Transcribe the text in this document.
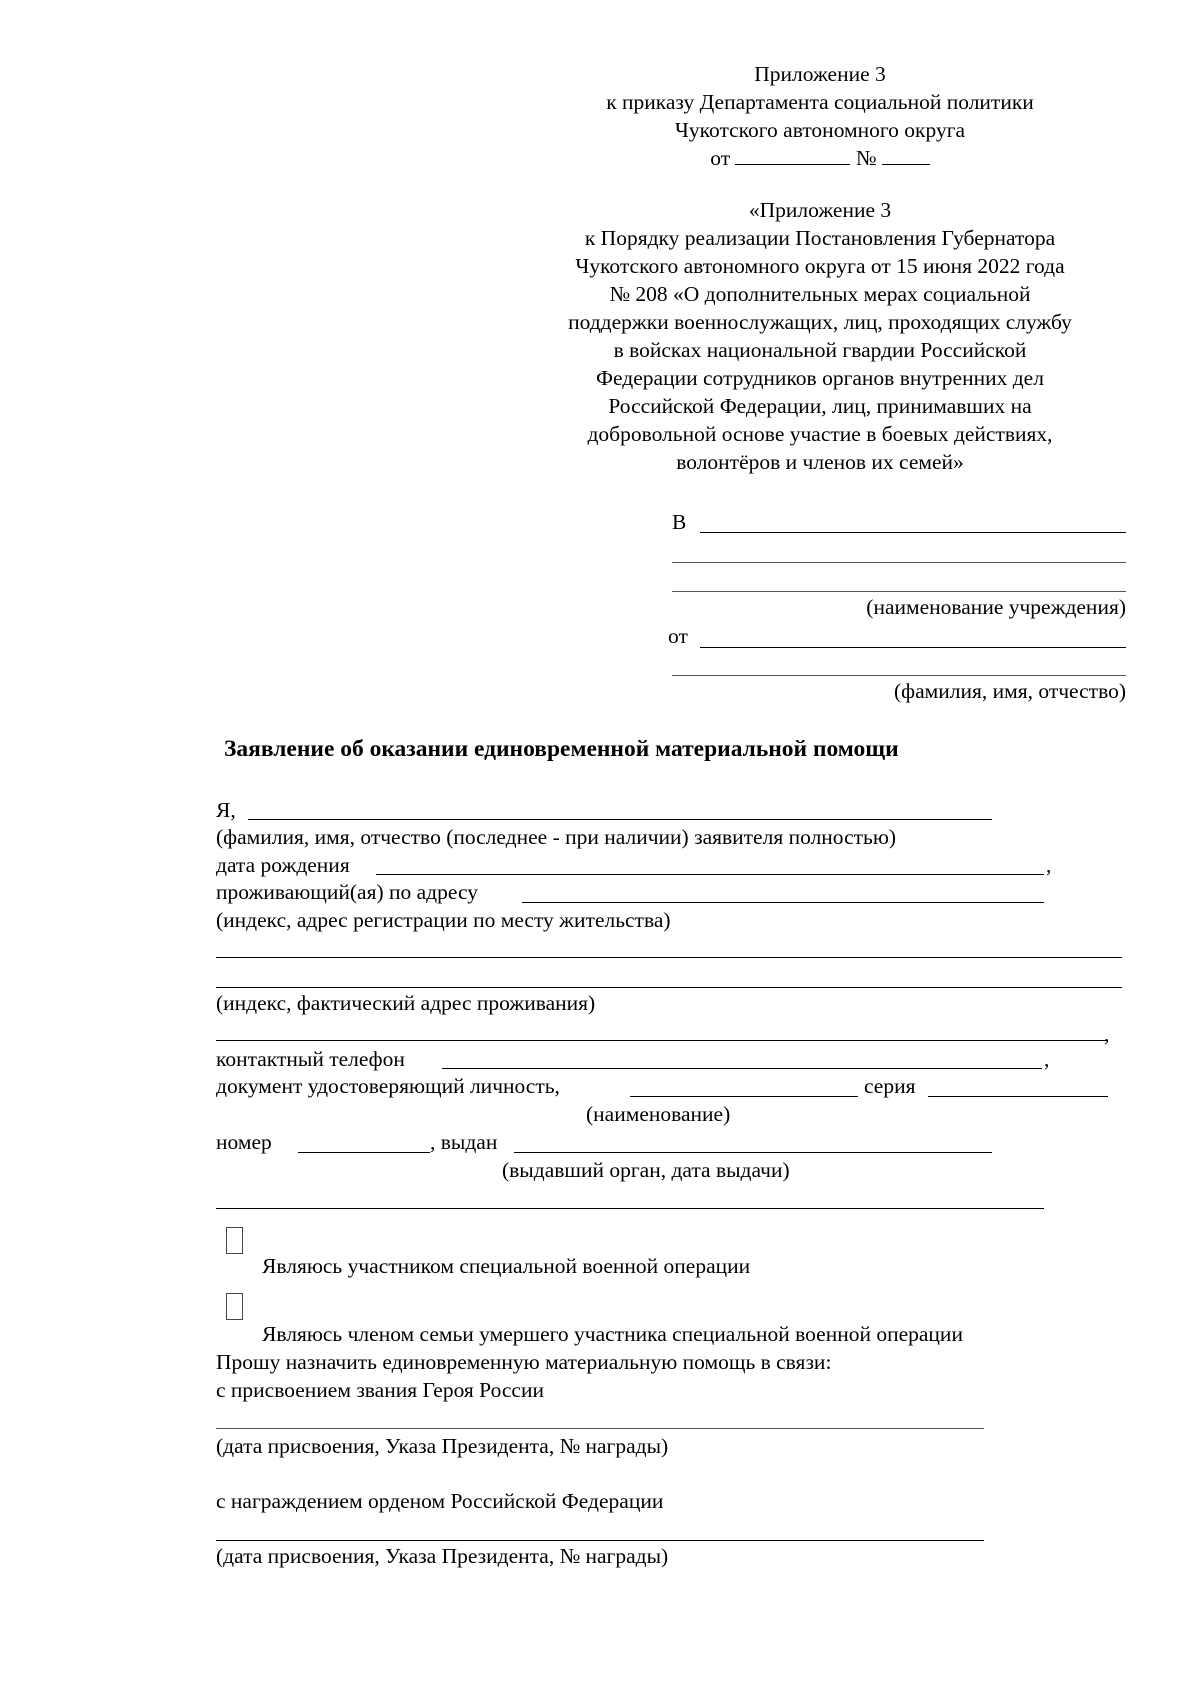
Приложение 3
к приказу Департамента социальной политики
Чукотского автономного округа
от	№
«Приложение 3
к Порядку реализации Постановления Губернатора
Чукотского автономного округа от 15 июня 2022 года
№ 208 «О дополнительных мерах социальной
поддержки военнослужащих, лиц, проходящих службу
в войсках национальной гвардии Российской
Федерации сотрудников органов внутренних дел
Российской Федерации, лиц, принимавших на
добровольной основе участие в боевых действиях,
волонтёров и членов их семей»
В
(наименование учреждения)
от
(фамилия, имя, отчество)
Заявление об оказании единовременной материальной помощи
Я,
(фамилия, имя, отчество (последнее - при наличии) заявителя полностью)
дата рождения	,
проживающий(ая) по адресу
(индекс, адрес регистрации по месту жительства)
(индекс, фактический адрес проживания)
,
контактный телефон	,
документ удостоверяющий личность,	серия
(наименование)
номер	, выдан
(выдавший орган, дата выдачи)
Являюсь участником специальной военной операции
Являюсь членом семьи умершего участника специальной военной операции
Прошу назначить единовременную материальную помощь в связи:
с присвоением звания Героя России
(дата присвоения, Указа Президента, № награды)
с награждением орденом Российской Федерации
(дата присвоения, Указа Президента, № награды)
